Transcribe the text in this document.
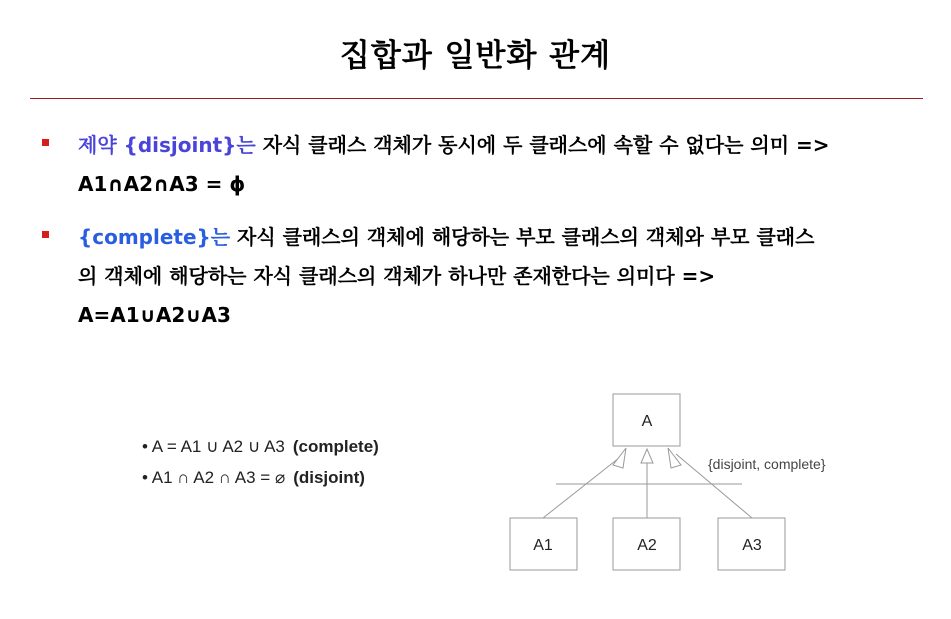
집합과 일반화 관계
제약 {disjoint}는 자식 클래스 객체가 동시에 두 클래스에 속할 수 없다는 의미 =>
A1∩A2∩A3 = ɸ
{complete}는 자식 클래스의 객체에 해당하는 부모 클래스의 객체와 부모 클래스
의 객체에 해당하는 자식 클래스의 객체가 하나만 존재한다는 의미다 =>
A=A1∪A2∪A3
• A = A1 ∪ A2 ∪ A3 (complete)
• A1 ∩ A2 ∩ A3 = ⌀ (disjoint)
A
A1	A2	A3
{disjoint, complete}
